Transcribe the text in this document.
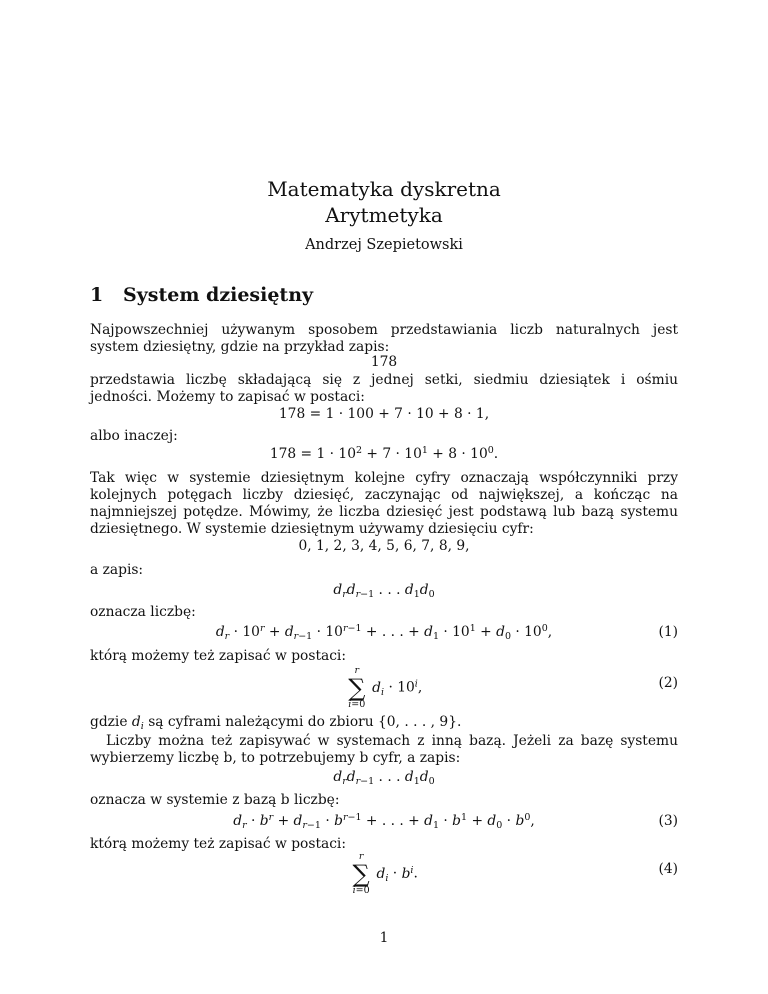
Matematyka dyskretna
Arytmetyka
Andrzej Szepietowski
1 System dziesiętny
Najpowszechniej używanym sposobem przedstawiania liczb naturalnych jest system dziesiętny, gdzie na przykład zapis:
178
przedstawia liczbę składającą się z jednej setki, siedmiu dziesiątek i ośmiu jedności. Możemy to zapisać w postaci:
178 = 1 · 100 + 7 · 10 + 8 · 1,
albo inaczej:
$178 = 1 \cdot 10^2 + 7 \cdot 10^1 + 8 \cdot 10^0$.
Tak więc w systemie dziesiętnym kolejne cyfry oznaczają współczynniki przy kolejnych potęgach liczby dziesięć, zaczynając od największej, a kończąc na najmniejszej potędze. Mówimy, że liczba dziesięć jest podstawą lub bazą systemu dziesiętnego. W systemie dziesiętnym używamy dziesięciu cyfr:
0, 1, 2, 3, 4, 5, 6, 7, 8, 9,
a zapis:
$d_rd_{r-1}$ . . . $d_1d_0$
oznacza liczbę:
$d_r \cdot 10^r + d_{r-1} \cdot 10^{r-1}$ + . . . + $d_1 \cdot 10^1 + d_0 \cdot 10^0$,	(1)
którą możemy też zapisać w postaci:
r
∑
i=0
$d_i \cdot 10^i$,	(2)
gdzie $d_i$ są cyframi należącymi do zbioru {0, . . . , 9}.
Liczby można też zapisywać w systemach z inną bazą. Jeżeli za bazę systemu wybierzemy liczbę b, to potrzebujemy b cyfr, a zapis:
$d_rd_{r-1}$ . . . $d_1d_0$
oznacza w systemie z bazą b liczbę:
$d_r \cdot b^r + d_{r-1} \cdot b^{r-1}$ + . . . + $d_1 \cdot b^1 + d_0 \cdot b^0$,	(3)
którą możemy też zapisać w postaci:
r
∑
i=0
$d_i \cdot b^i$.	(4)
1
